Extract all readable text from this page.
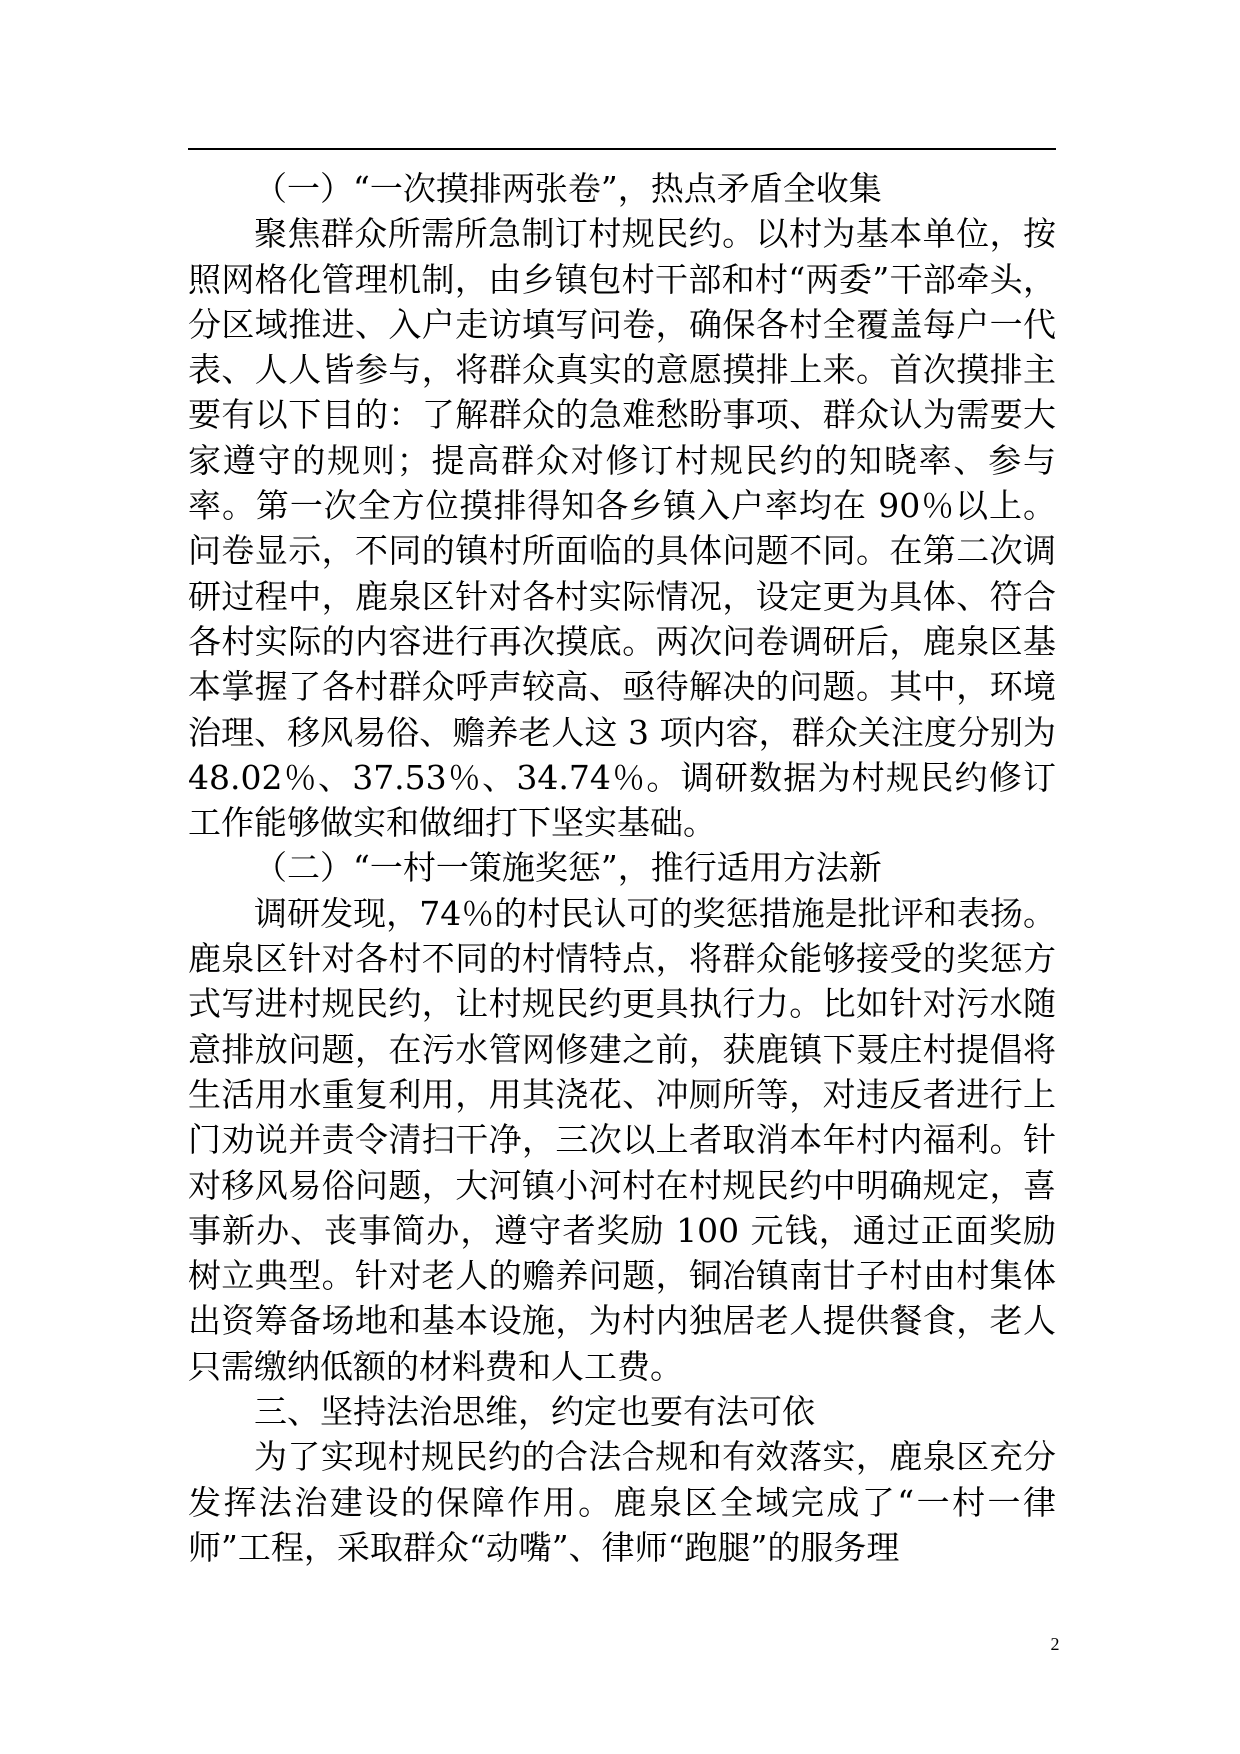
（一）“一次摸排两张卷”，热点矛盾全收集

聚焦群众所需所急制订村规民约。以村为基本单位，按照网格化管理机制，由乡镇包村干部和村“两委”干部牵头，分区域推进、入户走访填写问卷，确保各村全覆盖每户一代表、人人皆参与，将群众真实的意愿摸排上来。首次摸排主要有以下目的：了解群众的急难愁盼事项、群众认为需要大家遵守的规则；提高群众对修订村规民约的知晓率、参与率。第一次全方位摸排得知各乡镇入户率均在 90％以上。问卷显示，不同的镇村所面临的具体问题不同。在第二次调研过程中，鹿泉区针对各村实际情况，设定更为具体、符合各村实际的内容进行再次摸底。两次问卷调研后，鹿泉区基本掌握了各村群众呼声较高、亟待解决的问题。其中，环境治理、移风易俗、赡养老人这 3 项内容，群众关注度分别为 48.02％、37.53％、34.74％。调研数据为村规民约修订工作能够做实和做细打下坚实基础。

（二）“一村一策施奖惩”，推行适用方法新

调研发现，74％的村民认可的奖惩措施是批评和表扬。鹿泉区针对各村不同的村情特点，将群众能够接受的奖惩方式写进村规民约，让村规民约更具执行力。比如针对污水随意排放问题，在污水管网修建之前，获鹿镇下聂庄村提倡将生活用水重复利用，用其浇花、冲厕所等，对违反者进行上门劝说并责令清扫干净，三次以上者取消本年村内福利。针对移风易俗问题，大河镇小河村在村规民约中明确规定，喜事新办、丧事简办，遵守者奖励 100 元钱，通过正面奖励树立典型。针对老人的赡养问题，铜冶镇南甘子村由村集体出资筹备场地和基本设施，为村内独居老人提供餐食，老人只需缴纳低额的材料费和人工费。

三、坚持法治思维，约定也要有法可依

为了实现村规民约的合法合规和有效落实，鹿泉区充分发挥法治建设的保障作用。鹿泉区全域完成了“一村一律师”工程，采取群众“动嘴”、律师“跑腿”的服务理

2
